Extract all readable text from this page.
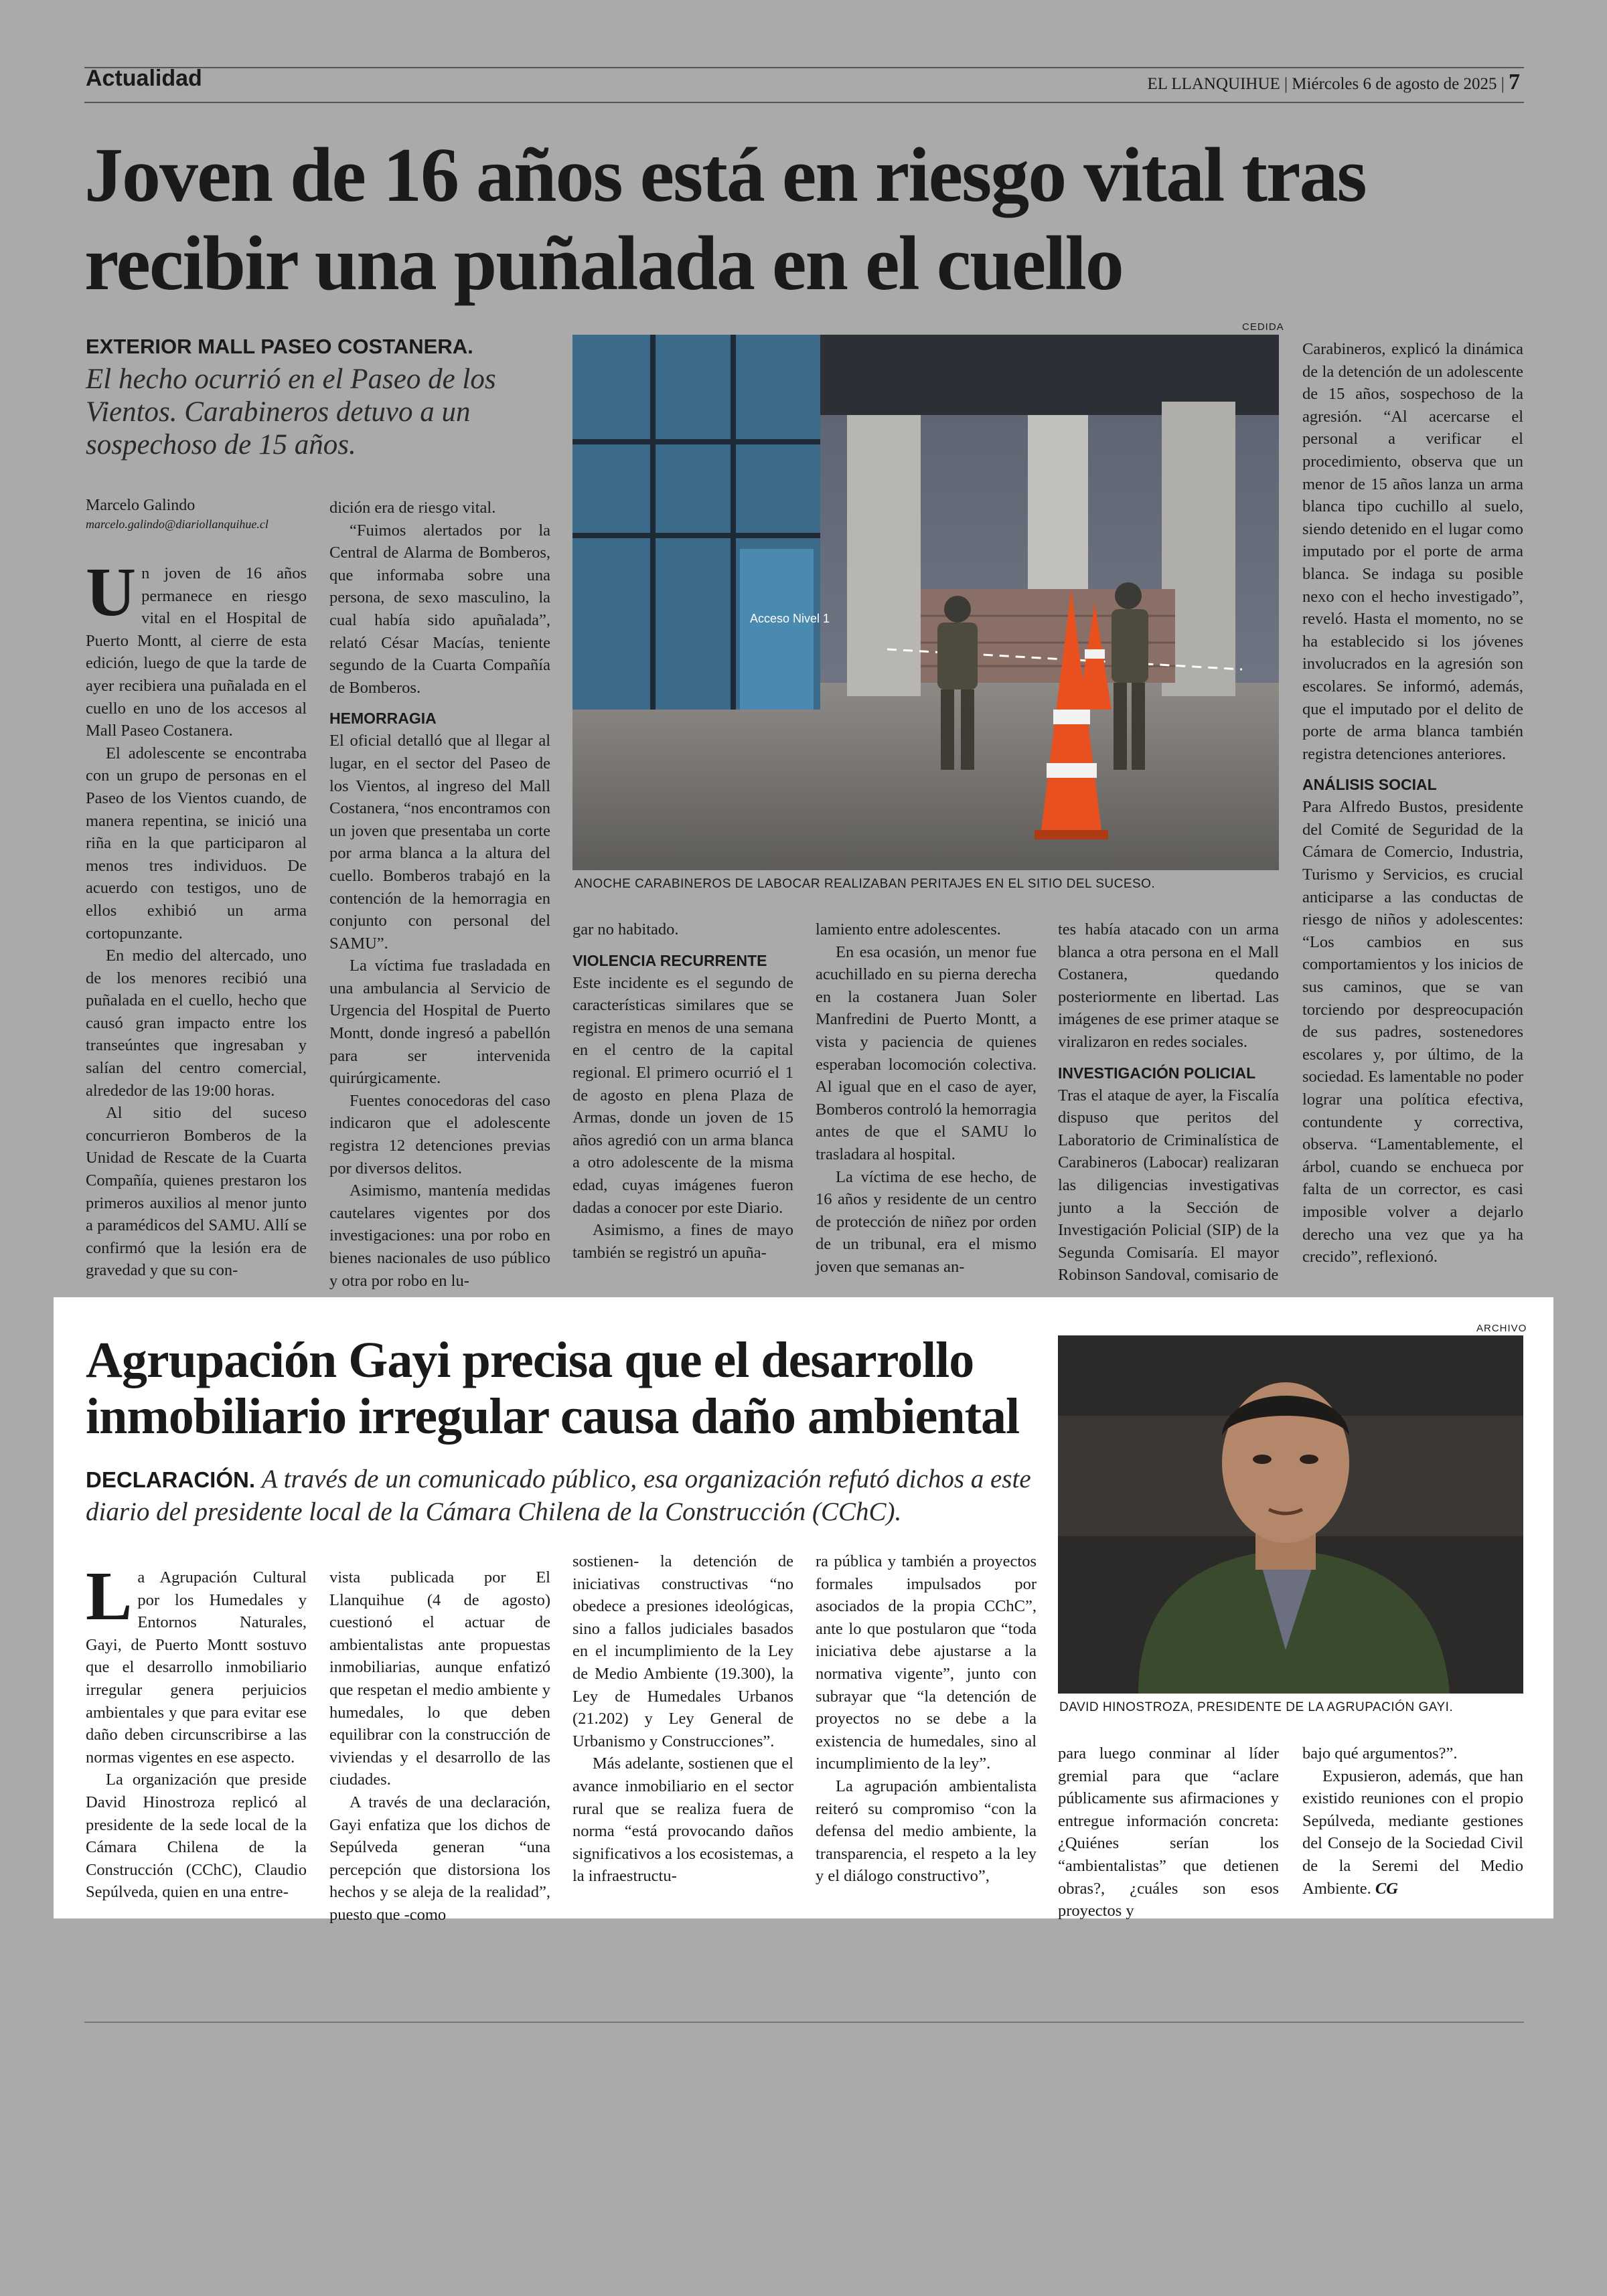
Actualidad	EL LLANQUIHUE | Miércoles 6 de agosto de 2025 | 7
Joven de 16 años está en riesgo vital tras recibir una puñalada en el cuello
EXTERIOR MALL PASEO COSTANERA.
El hecho ocurrió en el Paseo de los Vientos. Carabineros detuvo a un sospechoso de 15 años.
Marcelo Galindo
marcelo.galindo@diariollanquihue.cl

Un joven de 16 años permanece en riesgo vital en el Hospital de Puerto Montt, al cierre de esta edición, luego de que la tarde de ayer recibiera una puñalada en el cuello en uno de los accesos al Mall Paseo Costanera.

El adolescente se encontraba con un grupo de personas en el Paseo de los Vientos cuando, de manera repentina, se inició una riña en la que participaron al menos tres individuos. De acuerdo con testigos, uno de ellos exhibió un arma cortopunzante.

En medio del altercado, uno de los menores recibió una puñalada en el cuello, hecho que causó gran impacto entre los transeúntes que ingresaban y salían del centro comercial, alrededor de las 19:00 horas.

Al sitio del suceso concurrieron Bomberos de la Unidad de Rescate de la Cuarta Compañía, quienes prestaron los primeros auxilios al menor junto a paramédicos del SAMU. Allí se confirmó que la lesión era de gravedad y que su con-

dición era de riesgo vital.

“Fuimos alertados por la Central de Alarma de Bomberos, que informaba sobre una persona, de sexo masculino, la cual había sido apuñalada”, relató César Macías, teniente segundo de la Cuarta Compañía de Bomberos.

HEMORRAGIA

El oficial detalló que al llegar al lugar, en el sector del Paseo de los Vientos, al ingreso del Mall Costanera, “nos encontramos con un joven que presentaba un corte por arma blanca a la altura del cuello. Bomberos trabajó en la contención de la hemorragia en conjunto con personal del SAMU”.

La víctima fue trasladada en una ambulancia al Servicio de Urgencia del Hospital de Puerto Montt, donde ingresó a pabellón para ser intervenida quirúrgicamente.

Fuentes conocedoras del caso indicaron que el adolescente registra 12 detenciones previas por diversos delitos.

Asimismo, mantenía medidas cautelares vigentes por dos investigaciones: una por robo en bienes nacionales de uso público y otra por robo en lu-

CEDIDA
Acceso Nivel 1
ANOCHE CARABINEROS DE LABOCAR REALIZABAN PERITAJES EN EL SITIO DEL SUCESO.

gar no habitado.

VIOLENCIA RECURRENTE

Este incidente es el segundo de características similares que se registra en menos de una semana en el centro de la capital regional. El primero ocurrió el 1 de agosto en plena Plaza de Armas, donde un joven de 15 años agredió con un arma blanca a otro adolescente de la misma edad, cuyas imágenes fueron dadas a conocer por este Diario.

Asimismo, a fines de mayo también se registró un apuña-

lamiento entre adolescentes.

En esa ocasión, un menor fue acuchillado en su pierna derecha en la costanera Juan Soler Manfredini de Puerto Montt, a vista y paciencia de quienes esperaban locomoción colectiva. Al igual que en el caso de ayer, Bomberos controló la hemorragia antes de que el SAMU lo trasladara al hospital.

La víctima de ese hecho, de 16 años y residente de un centro de protección de niñez por orden de un tribunal, era el mismo joven que semanas an-

tes había atacado con un arma blanca a otra persona en el Mall Costanera, quedando posteriormente en libertad. Las imágenes de ese primer ataque se viralizaron en redes sociales.

INVESTIGACIÓN POLICIAL

Tras el ataque de ayer, la Fiscalía dispuso que peritos del Laboratorio de Criminalística de Carabineros (Labocar) realizaran las diligencias investigativas junto a la Sección de Investigación Policial (SIP) de la Segunda Comisaría. El mayor Robinson Sandoval, comisario de

Carabineros, explicó la dinámica de la detención de un adolescente de 15 años, sospechoso de la agresión. “Al acercarse el personal a verificar el procedimiento, observa que un menor de 15 años lanza un arma blanca tipo cuchillo al suelo, siendo detenido en el lugar como imputado por el porte de arma blanca. Se indaga su posible nexo con el hecho investigado”, reveló. Hasta el momento, no se ha establecido si los jóvenes involucrados en la agresión son escolares. Se informó, además, que el imputado por el delito de porte de arma blanca también registra detenciones anteriores.

ANÁLISIS SOCIAL

Para Alfredo Bustos, presidente del Comité de Seguridad de la Cámara de Comercio, Industria, Turismo y Servicios, es crucial anticiparse a las conductas de riesgo de niños y adolescentes: “Los cambios en sus comportamientos y los inicios de sus caminos, que se van torciendo por despreocupación de sus padres, sostenedores escolares y, por último, de la sociedad. Es lamentable no poder lograr una política efectiva, contundente y correctiva, observa. “Lamentablemente, el árbol, cuando se enchueca por falta de un corrector, es casi imposible volver a dejarlo derecho una vez que ya ha crecido”, reflexionó.

Agrupación Gayi precisa que el desarrollo inmobiliario irregular causa daño ambiental
DECLARACIÓN. A través de un comunicado público, esa organización refutó dichos a este diario del presidente local de la Cámara Chilena de la Construcción (CChC).

La Agrupación Cultural por los Humedales y Entornos Naturales, Gayi, de Puerto Montt sostuvo que el desarrollo inmobiliario irregular genera perjuicios ambientales y que para evitar ese daño deben circunscribirse a las normas vigentes en ese aspecto.

La organización que preside David Hinostroza replicó al presidente de la sede local de la Cámara Chilena de la Construcción (CChC), Claudio Sepúlveda, quien en una entre-

vista publicada por El Llanquihue (4 de agosto) cuestionó el actuar de ambientalistas ante propuestas inmobiliarias, aunque enfatizó que respetan el medio ambiente y humedales, lo que deben equilibrar con la construcción de viviendas y el desarrollo de las ciudades.

A través de una declaración, Gayi enfatiza que los dichos de Sepúlveda generan “una percepción que distorsiona los hechos y se aleja de la realidad”, puesto que -como

sostienen- la detención de iniciativas constructivas “no obedece a presiones ideológicas, sino a fallos judiciales basados en el incumplimiento de la Ley de Medio Ambiente (19.300), la Ley de Humedales Urbanos (21.202) y Ley General de Urbanismo y Construcciones”.

Más adelante, sostienen que el avance inmobiliario en el sector rural que se realiza fuera de norma “está provocando daños significativos a los ecosistemas, a la infraestructu-

ra pública y también a proyectos formales impulsados por asociados de la propia CChC”, ante lo que postularon que “toda iniciativa debe ajustarse a la normativa vigente”, junto con subrayar que “la detención de proyectos no se debe a la existencia de humedales, sino al incumplimiento de la ley”.

La agrupación ambientalista reiteró su compromiso “con la defensa del medio ambiente, la transparencia, el respeto a la ley y el diálogo constructivo”,

ARCHIVO
DAVID HINOSTROZA, PRESIDENTE DE LA AGRUPACIÓN GAYI.

para luego conminar al líder gremial para que “aclare públicamente sus afirmaciones y entregue información concreta: ¿Quiénes serían los “ambientalistas” que detienen obras?, ¿cuáles son esos proyectos y

bajo qué argumentos?”.

Expusieron, además, que han existido reuniones con el propio Sepúlveda, mediante gestiones del Consejo de la Sociedad Civil de la Seremi del Medio Ambiente. CG
